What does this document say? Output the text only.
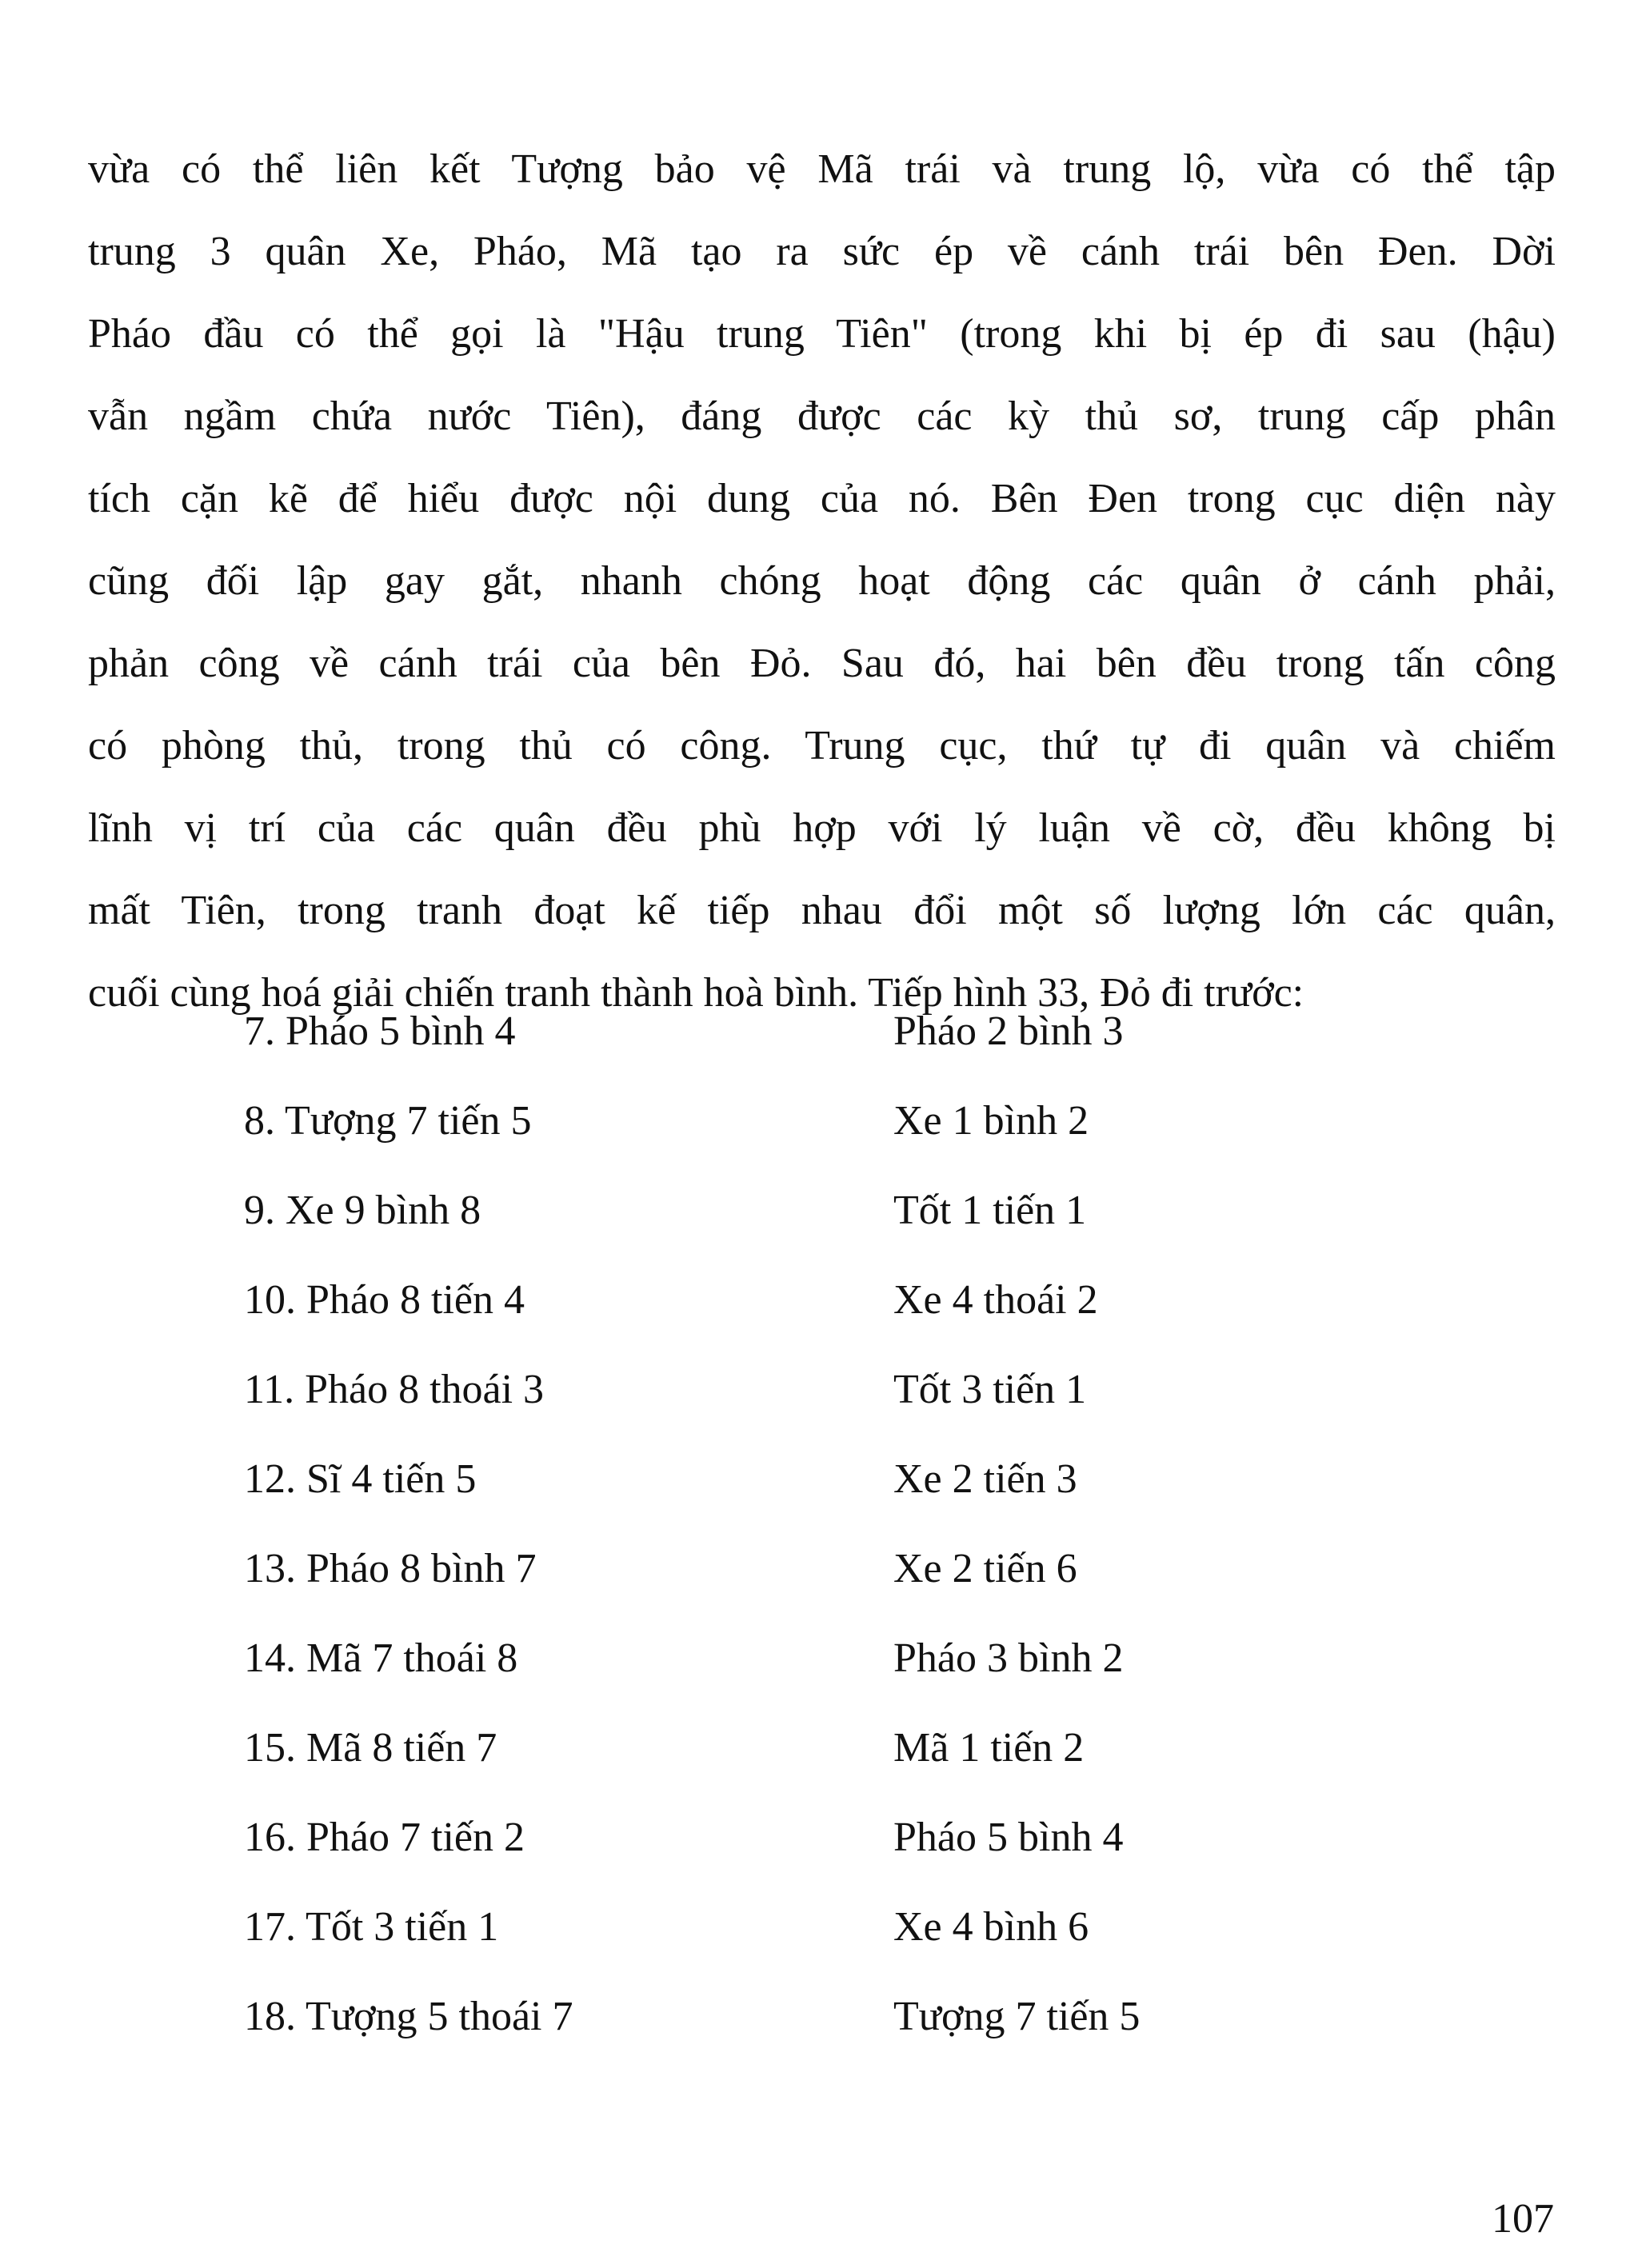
vừa có thể liên kết Tượng bảo vệ Mã trái và trung lộ, vừa có thể tập
trung 3 quân Xe, Pháo, Mã tạo ra sức ép về cánh trái bên Đen. Dời
Pháo đầu có thể gọi là "Hậu trung Tiên" (trong khi bị ép đi sau (hậu)
vẫn ngầm chứa nước Tiên), đáng được các kỳ thủ sơ, trung cấp phân
tích cặn kẽ để hiểu được nội dung của nó. Bên Đen trong cục diện này
cũng đối lập gay gắt, nhanh chóng hoạt động các quân ở cánh phải,
phản công về cánh trái của bên Đỏ. Sau đó, hai bên đều trong tấn công
có phòng thủ, trong thủ có công. Trung cục, thứ tự đi quân và chiếm
lĩnh vị trí của các quân đều phù hợp với lý luận về cờ, đều không bị
mất Tiên, trong tranh đoạt kế tiếp nhau đổi một số lượng lớn các quân,
cuối cùng hoá giải chiến tranh thành hoà bình. Tiếp hình 33, Đỏ đi trước:
7. Pháo 5 bình 4	Pháo 2 bình 3
8. Tượng 7 tiến 5	Xe 1 bình 2
9. Xe 9 bình 8	Tốt 1 tiến 1
10. Pháo 8 tiến 4	Xe 4 thoái 2
11. Pháo 8 thoái 3	Tốt 3 tiến 1
12. Sĩ 4 tiến 5	Xe 2 tiến 3
13. Pháo 8 bình 7	Xe 2 tiến 6
14. Mã 7 thoái 8	Pháo 3 bình 2
15. Mã 8 tiến 7	Mã 1 tiến 2
16. Pháo 7 tiến 2	Pháo 5 bình 4
17. Tốt 3 tiến 1	Xe 4 bình 6
18. Tượng 5 thoái 7	Tượng 7 tiến 5
107
